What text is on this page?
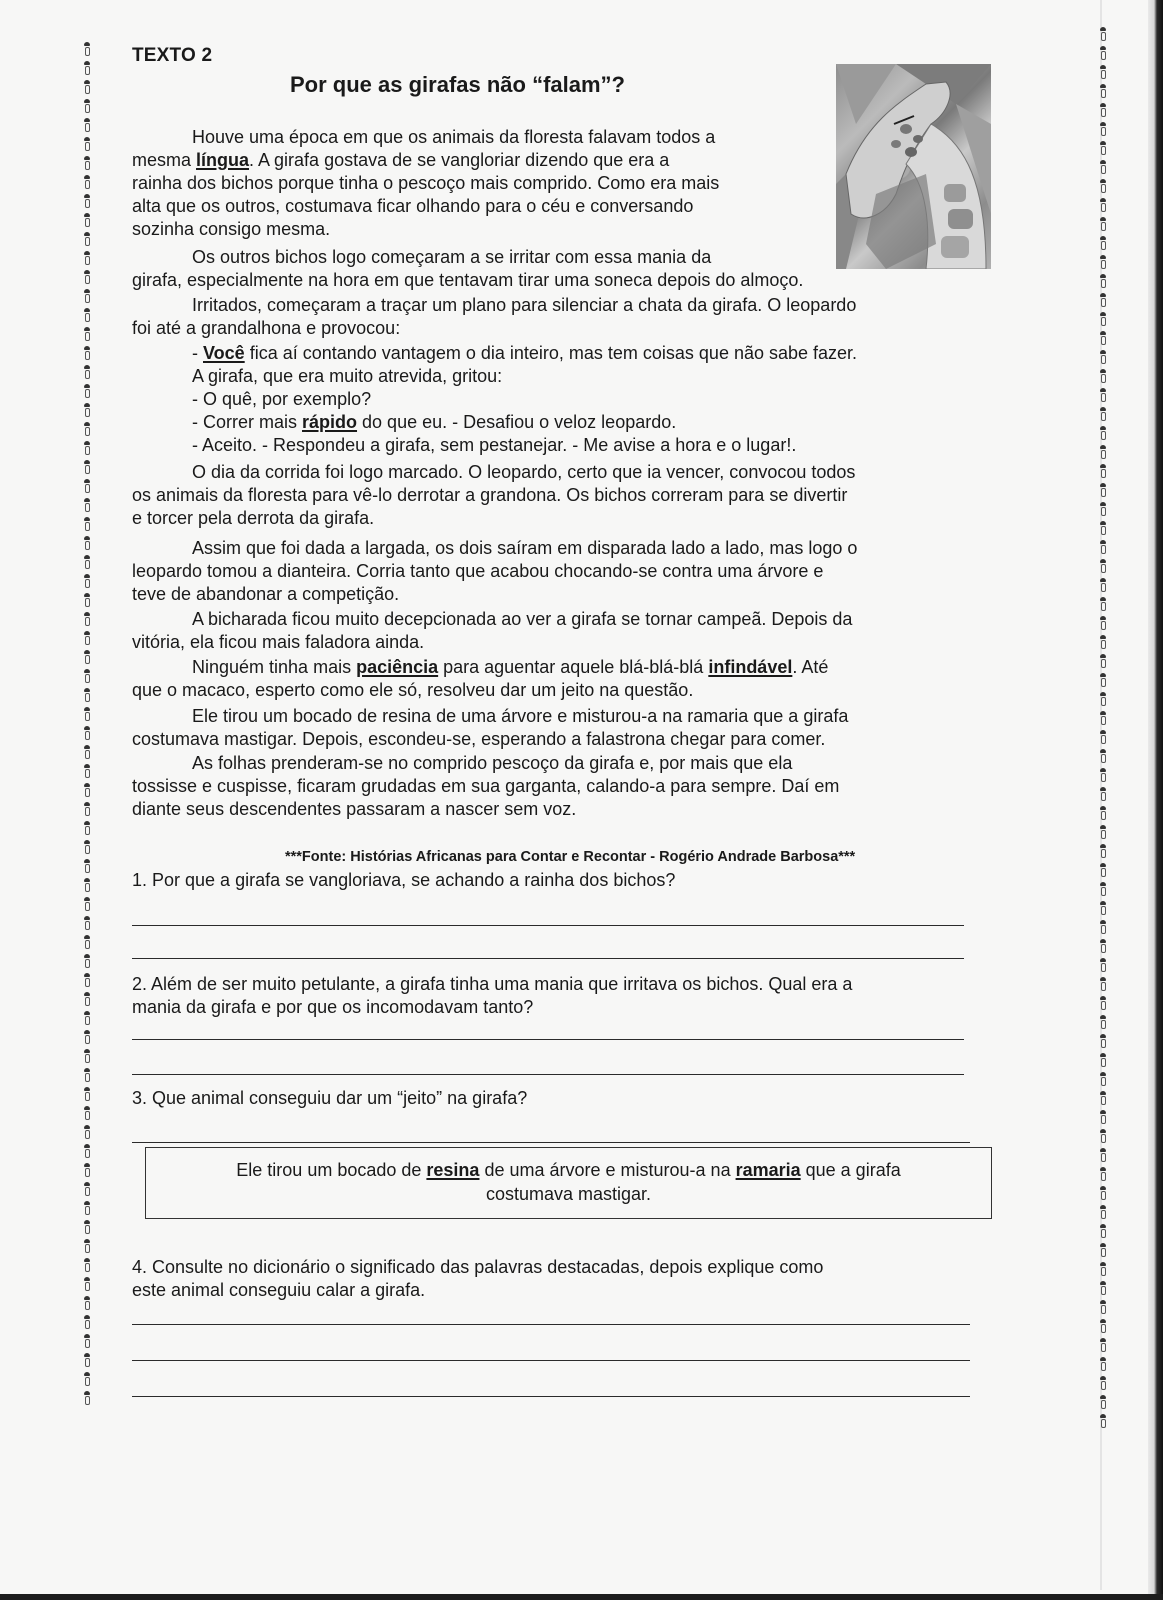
TEXTO 2
Por que as girafas não “falam”?
Houve uma época em que os animais da floresta falavam todos a
mesma língua. A girafa gostava de se vangloriar dizendo que era a
rainha dos bichos porque tinha o pescoço mais comprido. Como era mais
alta que os outros, costumava ficar olhando para o céu e conversando
sozinha consigo mesma.
Os outros bichos logo começaram a se irritar com essa mania da
girafa, especialmente na hora em que tentavam tirar uma soneca depois do almoço.
Irritados, começaram a traçar um plano para silenciar a chata da girafa. O leopardo
foi até a grandalhona e provocou:
- Você fica aí contando vantagem o dia inteiro, mas tem coisas que não sabe fazer.
A girafa, que era muito atrevida, gritou:
- O quê, por exemplo?
- Correr mais rápido do que eu. - Desafiou o veloz leopardo.
- Aceito. - Respondeu a girafa, sem pestanejar. - Me avise a hora e o lugar!.
O dia da corrida foi logo marcado. O leopardo, certo que ia vencer, convocou todos
os animais da floresta para vê-lo derrotar a grandona. Os bichos correram para se divertir
e torcer pela derrota da girafa.
Assim que foi dada a largada, os dois saíram em disparada lado a lado, mas logo o
leopardo tomou a dianteira. Corria tanto que acabou chocando-se contra uma árvore e
teve de abandonar a competição.
A bicharada ficou muito decepcionada ao ver a girafa se tornar campeã. Depois da
vitória, ela ficou mais faladora ainda.
Ninguém tinha mais paciência para aguentar aquele blá-blá-blá infindável. Até
que o macaco, esperto como ele só, resolveu dar um jeito na questão.
Ele tirou um bocado de resina de uma árvore e misturou-a na ramaria que a girafa
costumava mastigar. Depois, escondeu-se, esperando a falastrona chegar para comer.
As folhas prenderam-se no comprido pescoço da girafa e, por mais que ela
tossisse e cuspisse, ficaram grudadas em sua garganta, calando-a para sempre. Daí em
diante seus descendentes passaram a nascer sem voz.
***Fonte: Histórias Africanas para Contar e Recontar - Rogério Andrade Barbosa***
1. Por que a girafa se vangloriava, se achando a rainha dos bichos?
2. Além de ser muito petulante, a girafa tinha uma mania que irritava os bichos. Qual era a
mania da girafa e por que os incomodavam tanto?
3. Que animal conseguiu dar um “jeito” na girafa?
Ele tirou um bocado de resina de uma árvore e misturou-a na ramaria que a girafa
costumava mastigar.
4. Consulte no dicionário o significado das palavras destacadas, depois explique como
este animal conseguiu calar a girafa.
